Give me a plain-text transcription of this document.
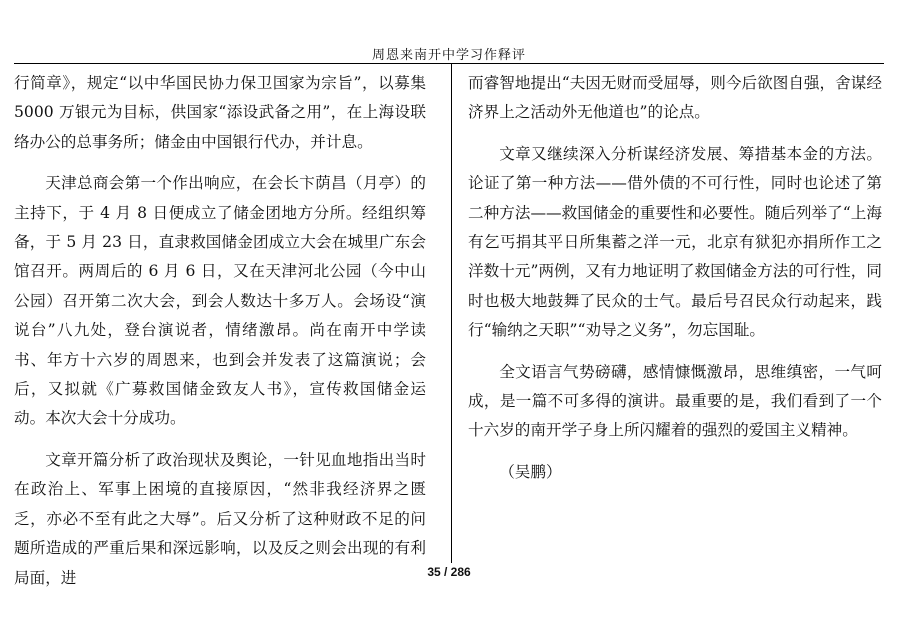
周恩来南开中学习作释评

行简章》，规定“以中华国民协力保卫国家为宗旨”，以募集5000 万银元为目标，供国家“添设武备之用”，在上海设联络办公的总事务所；储金由中国银行代办，并计息。

天津总商会第一个作出响应，在会长卞荫昌（月亭）的主持下，于 4 月 8 日便成立了储金团地方分所。经组织筹备，于 5 月 23 日，直隶救国储金团成立大会在城里广东会馆召开。两周后的 6 月 6 日，又在天津河北公园（今中山公园）召开第二次大会，到会人数达十多万人。会场设“演说台”八九处，登台演说者，情绪激昂。尚在南开中学读书、年方十六岁的周恩来，也到会并发表了这篇演说；会后，又拟就《广募救国储金致友人书》，宣传救国储金运动。本次大会十分成功。

文章开篇分析了政治现状及舆论，一针见血地指出当时在政治上、军事上困境的直接原因，“然非我经济界之匮乏，亦必不至有此之大辱”。后又分析了这种财政不足的问题所造成的严重后果和深远影响，以及反之则会出现的有利局面，进

而睿智地提出“夫因无财而受屈辱，则今后欲图自强，舍谋经济界上之活动外无他道也”的论点。

文章又继续深入分析谋经济发展、筹措基本金的方法。论证了第一种方法——借外债的不可行性，同时也论述了第二种方法——救国储金的重要性和必要性。随后列举了“上海有乞丐捐其平日所集蓄之洋一元，北京有狱犯亦捐所作工之洋数十元”两例，又有力地证明了救国储金方法的可行性，同时也极大地鼓舞了民众的士气。最后号召民众行动起来，践行“输纳之天职”“劝导之义务”，勿忘国耻。

全文语言气势磅礴，感情慷慨激昂，思维缜密，一气呵成，是一篇不可多得的演讲。最重要的是，我们看到了一个十六岁的南开学子身上所闪耀着的强烈的爱国主义精神。

（吴鹏）

35 / 286
